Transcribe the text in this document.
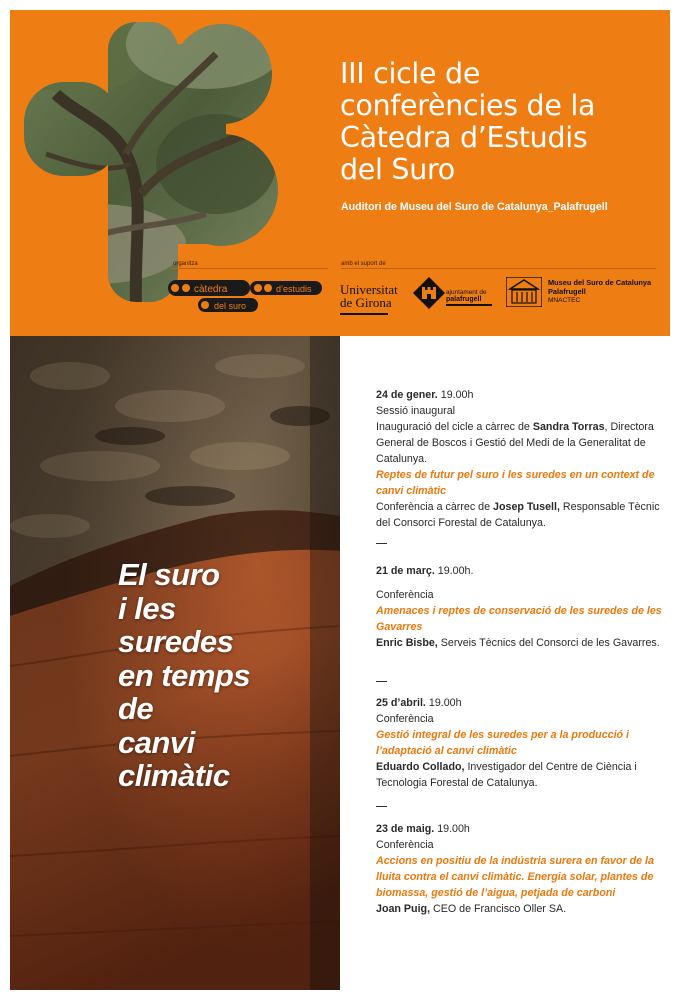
III cicle de
conferències de la
Càtedra d’Estudis
del Suro
Auditori de Museu del Suro de Catalunya_Palafrugell
organitza	amb el suport de
càtedra	d’estudis
del suro
Universitat
de Girona
ajuntament de
palafrugell
Museu del Suro de Catalunya
Palafrugell
MNACTEC
El suro
i les
suredes
en temps
de
canvi
climàtic

24 de gener. 19.00h

Sessió inaugural

Inauguració del cicle a càrrec de Sandra Torras, Directora General de Boscos i Gestió del Medi de la Generalitat de Catalunya.

Reptes de futur pel suro i les suredes en un context de canvi climàtic

Conferència a càrrec de Josep Tusell, Responsable Tècnic del Consorci Forestal de Catalunya.

21 de març. 19.00h.

Conferència

Amenaces i reptes de conservació de les suredes de les Gavarres

Enric Bisbe, Serveis Tècnics del Consorci de les Gavarres.

25 d’abril. 19.00h

Conferència

Gestió integral de les suredes per a la producció i l’adaptació al canvi climàtic

Eduardo Collado, Investigador del Centre de Ciència i Tecnologia Forestal de Catalunya.

23 de maig. 19.00h

Conferència

Accions en positiu de la indústria surera en favor de la lluita contra el canvi climàtic. Energia solar, plantes de biomassa, gestió de l’aigua, petjada de carboni

Joan Puig, CEO de Francisco Oller SA.
